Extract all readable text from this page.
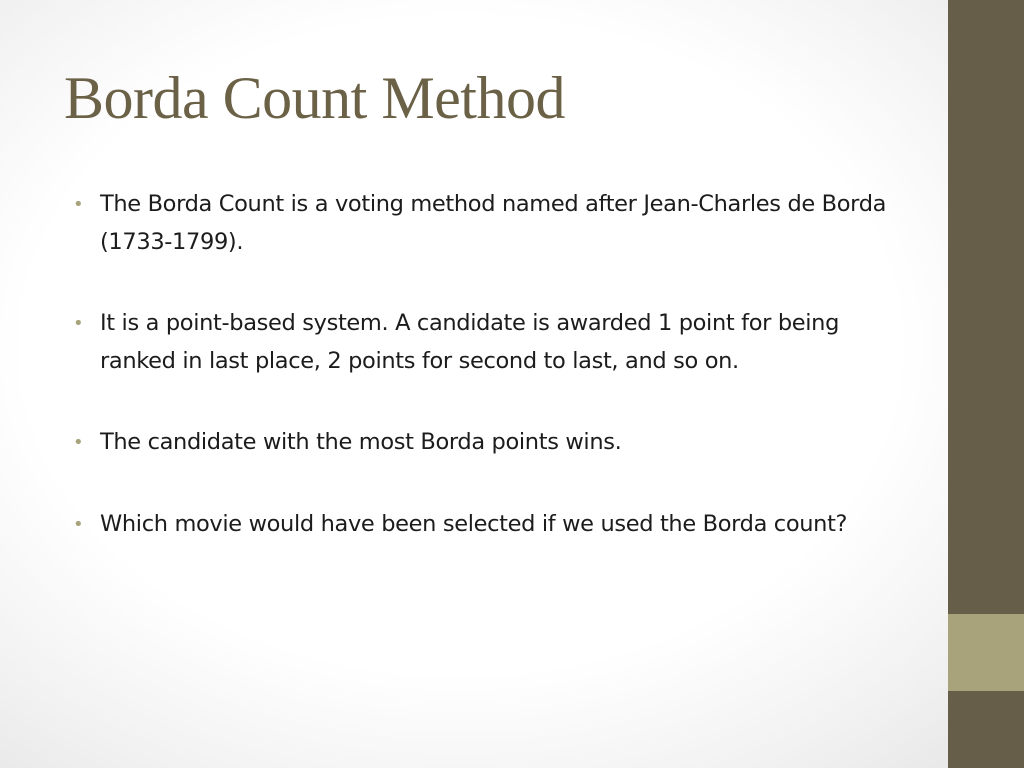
Borda Count Method
• The Borda Count is a voting method named after Jean-Charles de Borda (1733-1799).
• It is a point-based system. A candidate is awarded 1 point for being ranked in last place, 2 points for second to last, and so on.
• The candidate with the most Borda points wins.
• Which movie would have been selected if we used the Borda count?
